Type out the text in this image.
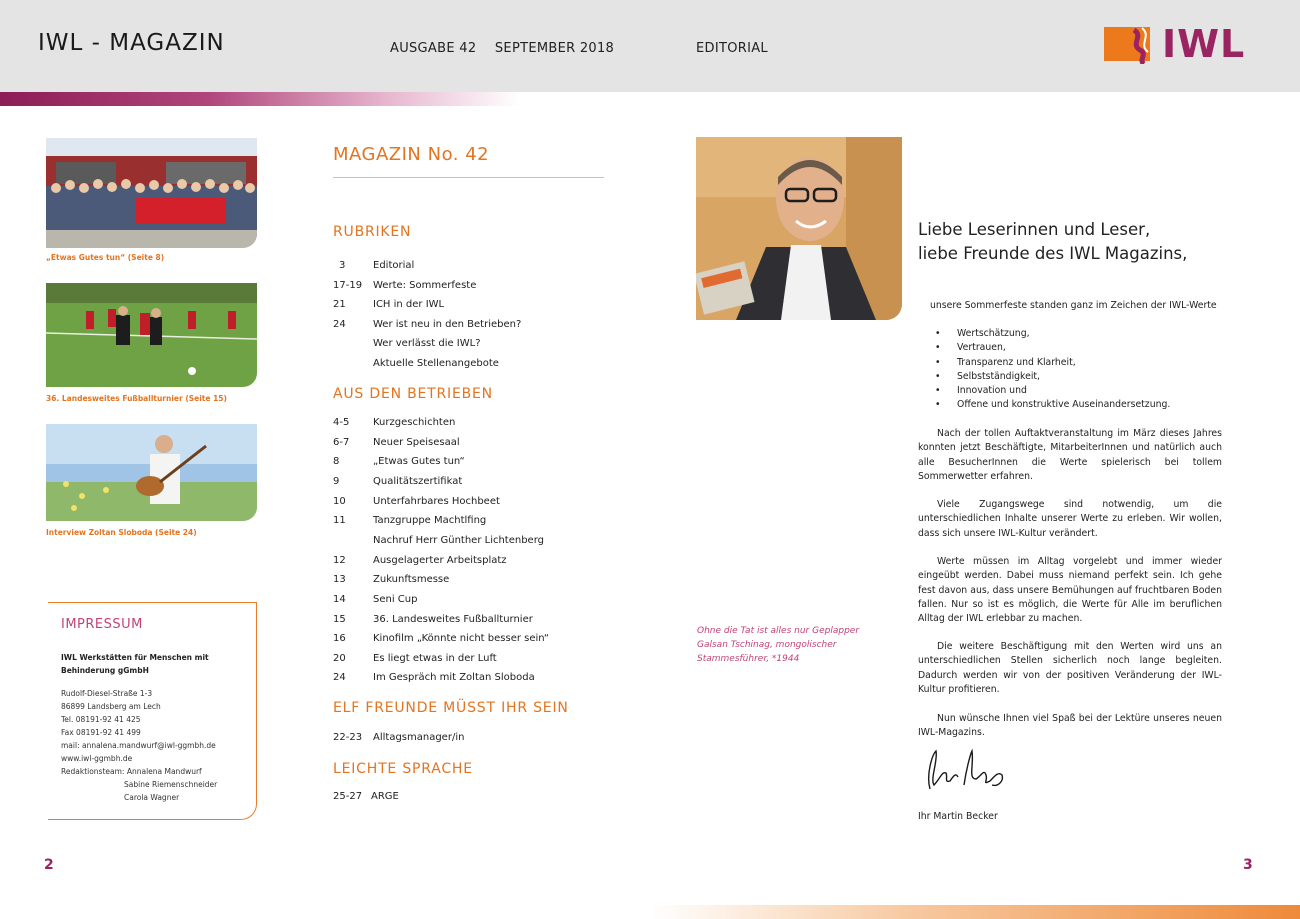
IWL - MAGAZIN	AUSGABE 42 SEPTEMBER 2018	EDITORIAL	IWL
„Etwas Gutes tun“ (Seite 8)
36. Landesweites Fußballturnier (Seite 15)
Interview Zoltan Sloboda (Seite 24)
IMPRESSUM
IWL Werkstätten für Menschen mit
Behinderung gGmbH
Rudolf-Diesel-Straße 1-3
86899 Landsberg am Lech
Tel. 08191-92 41 425
Fax 08191-92 41 499
mail: annalena.mandwurf@iwl-ggmbh.de
www.iwl-ggmbh.de
Redaktionsteam: Annalena Mandwurf
Sabine Riemenschneider
Carola Wagner
MAGAZIN No. 42
RUBRIKEN
3	Editorial
17-19 Werte: Sommerfeste
21	ICH in der IWL
24	Wer ist neu in den Betrieben?
Wer verlässt die IWL?
Aktuelle Stellenangebote
AUS DEN BETRIEBEN
4-5 Kurzgeschichten
6-7 Neuer Speisesaal
8	„Etwas Gutes tun“
9	Qualitätszertifikat
10	Unterfahrbares Hochbeet
11	Tanzgruppe Machtlfing
Nachruf Herr Günther Lichtenberg
12	Ausgelagerter Arbeitsplatz
13	Zukunftsmesse
14	Seni Cup
15	36. Landesweites Fußballturnier
16	Kinofilm „Könnte nicht besser sein“
20	Es liegt etwas in der Luft
24	Im Gespräch mit Zoltan Sloboda
ELF FREUNDE MÜSST IHR SEIN
22-23 Alltagsmanager/in
LEICHTE SPRACHE
25-27 ARGE
Ohne die Tat ist alles nur Geplapper
Galsan Tschinag, mongolischer
Stammesführer, *1944
Liebe Leserinnen und Leser,
liebe Freunde des IWL Magazins,
unsere Sommerfeste standen ganz im Zeichen der IWL-Werte
• Wertschätzung,
• Vertrauen,
• Transparenz und Klarheit,
• Selbstständigkeit,
• Innovation und
• Offene und konstruktive Auseinandersetzung.

Nach der tollen Auftaktveranstaltung im März dieses Jahres konnten jetzt Beschäftigte, MitarbeiterInnen und natürlich auch alle BesucherInnen die Werte spielerisch bei tollem Sommerwetter erfahren.

Viele Zugangswege sind notwendig, um die unterschiedlichen Inhalte unserer Werte zu erleben. Wir wollen, dass sich unsere IWL-Kultur verändert.

Werte müssen im Alltag vorgelebt und immer wieder eingeübt werden. Dabei muss niemand perfekt sein. Ich gehe fest davon aus, dass unsere Bemühungen auf fruchtbaren Boden fallen. Nur so ist es möglich, die Werte für Alle im beruflichen Alltag der IWL erlebbar zu machen.

Die weitere Beschäftigung mit den Werten wird uns an unterschiedlichen Stellen sicherlich noch lange begleiten. Dadurch werden wir von der positiven Veränderung der IWL-Kultur profitieren.

Nun wünsche Ihnen viel Spaß bei der Lektüre unseres neuen IWL-Magazins.

Ihr Martin Becker
2	3
